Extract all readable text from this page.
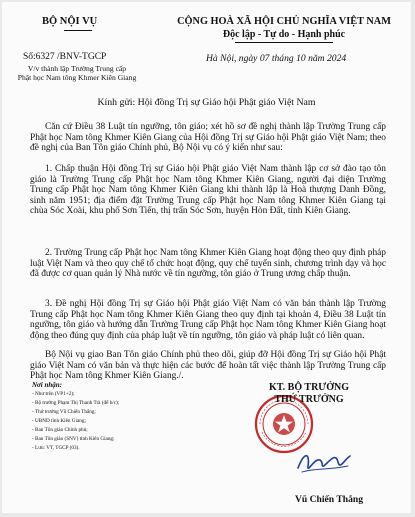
BỘ NỘI VỤ	CỘNG HOÀ XÃ HỘI CHỦ NGHĨA VIỆT NAM
Độc lập - Tự do - Hạnh phúc
Số:6327 /BNV-TGCP
V/v thành lập Trường Trung cấp
Phật học Nam tông Khmer Kiên Giang
Hà Nội, ngày 07 tháng 10 năm 2024
Kính gửi: Hội đồng Trị sự Giáo hội Phật giáo Việt Nam
Căn cứ Điều 38 Luật tín ngưỡng, tôn giáo; xét hồ sơ đề nghị thành lập Trường Trung cấp Phật học Nam tông Khmer Kiên Giang của Hội đồng Trị sự Giáo hội Phật giáo Việt Nam; theo đề nghị của Ban Tôn giáo Chính phủ, Bộ Nội vụ có ý kiến như sau:
1. Chấp thuận Hội đồng Trị sự Giáo hội Phật giáo Việt Nam thành lập cơ sở đào tạo tôn giáo là Trường Trung cấp Phật học Nam tông Khmer Kiên Giang, người đại diện Trường Trung cấp Phật học Nam tông Khmer Kiên Giang khi thành lập là Hoà thượng Danh Đồng, sinh năm 1951; địa điểm đặt Trường Trung cấp Phật học Nam tông Khmer Kiên Giang tại chùa Sóc Xoài, khu phố Sơn Tiến, thị trấn Sóc Sơn, huyện Hòn Đất, tỉnh Kiên Giang.
2. Trường Trung cấp Phật học Nam tông Khmer Kiên Giang hoạt động theo quy định pháp luật Việt Nam và theo quy chế tổ chức hoạt động, quy chế tuyển sinh, chương trình dạy và học đã được cơ quan quản lý Nhà nước về tín ngưỡng, tôn giáo ở Trung ương chấp thuận.
3. Đề nghị Hội đồng Trị sự Giáo hội Phật giáo Việt Nam có văn bản thành lập Trường Trung cấp Phật học Nam tông Khmer Kiên Giang theo quy định tại khoản 4, Điều 38 Luật tín ngưỡng, tôn giáo và hướng dẫn Trường Trung cấp Phật học Nam tông Khmer Kiên Giang hoạt động theo đúng quy định của pháp luật về tín ngưỡng, tôn giáo và pháp luật có liên quan.
Bộ Nội vụ giao Ban Tôn giáo Chính phủ theo dõi, giúp đỡ Hội đồng Trị sự Giáo hội Phật giáo Việt Nam có văn bản và thực hiện các bước để hoàn tất việc thành lập Trường Trung cấp Phật học Nam tông Khmer Kiên Giang./.
Nơi nhận:
- Như trên (VP1+2);
- Bộ trưởng Phạm Thị Thanh Trà (để b/c);
- Thứ trưởng Vũ Chiến Thắng;
- UBND tỉnh Kiên Giang;
- Ban Tôn giáo Chính phủ;
- Ban Tôn giáo (SNV) tỉnh Kiên Giang;
- Lưu: VT, TGCP (03).
KT. BỘ TRƯỞNG
THỨ TRƯỞNG
Vũ Chiến Thắng
